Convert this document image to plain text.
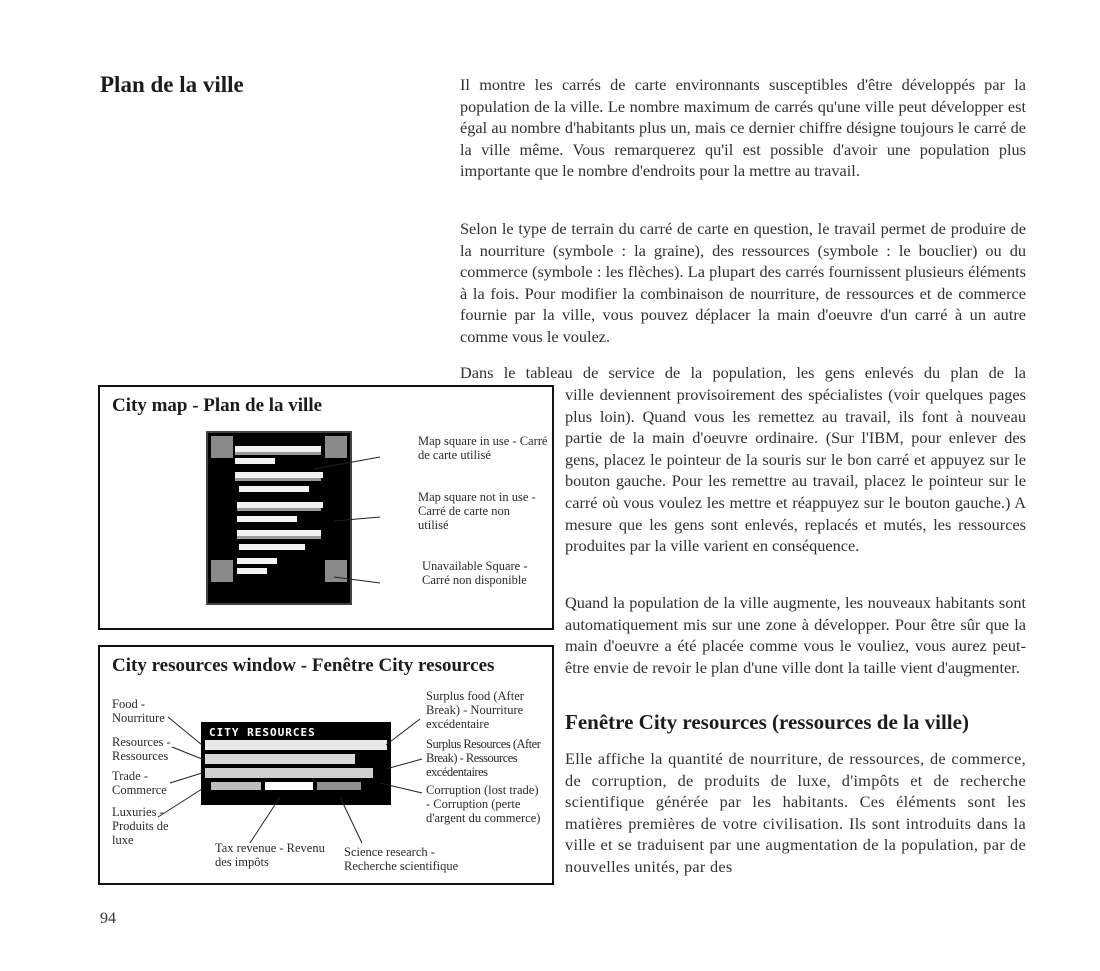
Plan de la ville	Il montre les carrés de carte environnants susceptibles d'être développés par la population de la ville. Le nombre maximum de carrés qu'une ville peut développer est égal au nombre d'habitants plus un, mais ce dernier chiffre désigne toujours le carré de la ville même. Vous remarquerez qu'il est possible d'avoir une population plus importante que le nombre d'endroits pour la mettre au travail.

Selon le type de terrain du carré de carte en question, le travail permet de produire de la nourriture (symbole : la graine), des ressources (symbole : le bouclier) ou du commerce (symbole : les flèches). La plupart des carrés fournissent plusieurs éléments à la fois. Pour modifier la combinaison de nourriture, de ressources et de commerce fournie par la ville, vous pouvez déplacer la main d'oeuvre d'un carré à un autre comme vous le voulez.

Dans le tableau de service de la population, les gens enlevés du plan de la

ville deviennent provisoirement des spécialistes (voir quelques pages plus loin). Quand vous les remettez au travail, ils font à nouveau partie de la main d'oeuvre ordinaire. (Sur l'IBM, pour enlever des gens, placez le pointeur de la souris sur le bon carré et appuyez sur le bouton gauche. Pour les remettre au travail, placez le pointeur sur le carré où vous voulez les mettre et réappuyez sur le bouton gauche.) A mesure que les gens sont enlevés, replacés et mutés, les ressources produites par la ville varient en conséquence.

Quand la population de la ville augmente, les nouveaux habitants sont automatiquement mis sur une zone à développer. Pour être sûr que la main d'oeuvre a été placée comme vous le vouliez, vous aurez peut-être envie de revoir le plan d'une ville dont la taille vient d'augmenter.

Fenêtre City resources (ressources de la ville)

Elle affiche la quantité de nourriture, de ressources, de commerce, de corruption, de produits de luxe, d'impôts et de recherche scientifique générée par les habitants. Ces éléments sont les matières premières de votre civilisation. Ils sont introduits dans la ville et se traduisent par une augmentation de la population, par de nouvelles unités, par des

City map - Plan de la ville
Map square in use - Carré de carte utilisé
Map square not in use - Carré de carte non utilisé
Unavailable Square - Carré non disponible
City resources window - Fenêtre City resources
CITY RESOURCES
Food - Nourriture
Resources - Ressources
Trade - Commerce
Luxuries - Produits de luxe
Tax revenue - Revenu des impôts
Science research - Recherche scientifique
Surplus food (After Break) - Nourriture excédentaire
Surplus Resources (After Break) - Ressources excédentaires
Corruption (lost trade) - Corruption (perte d'argent du commerce)
94
